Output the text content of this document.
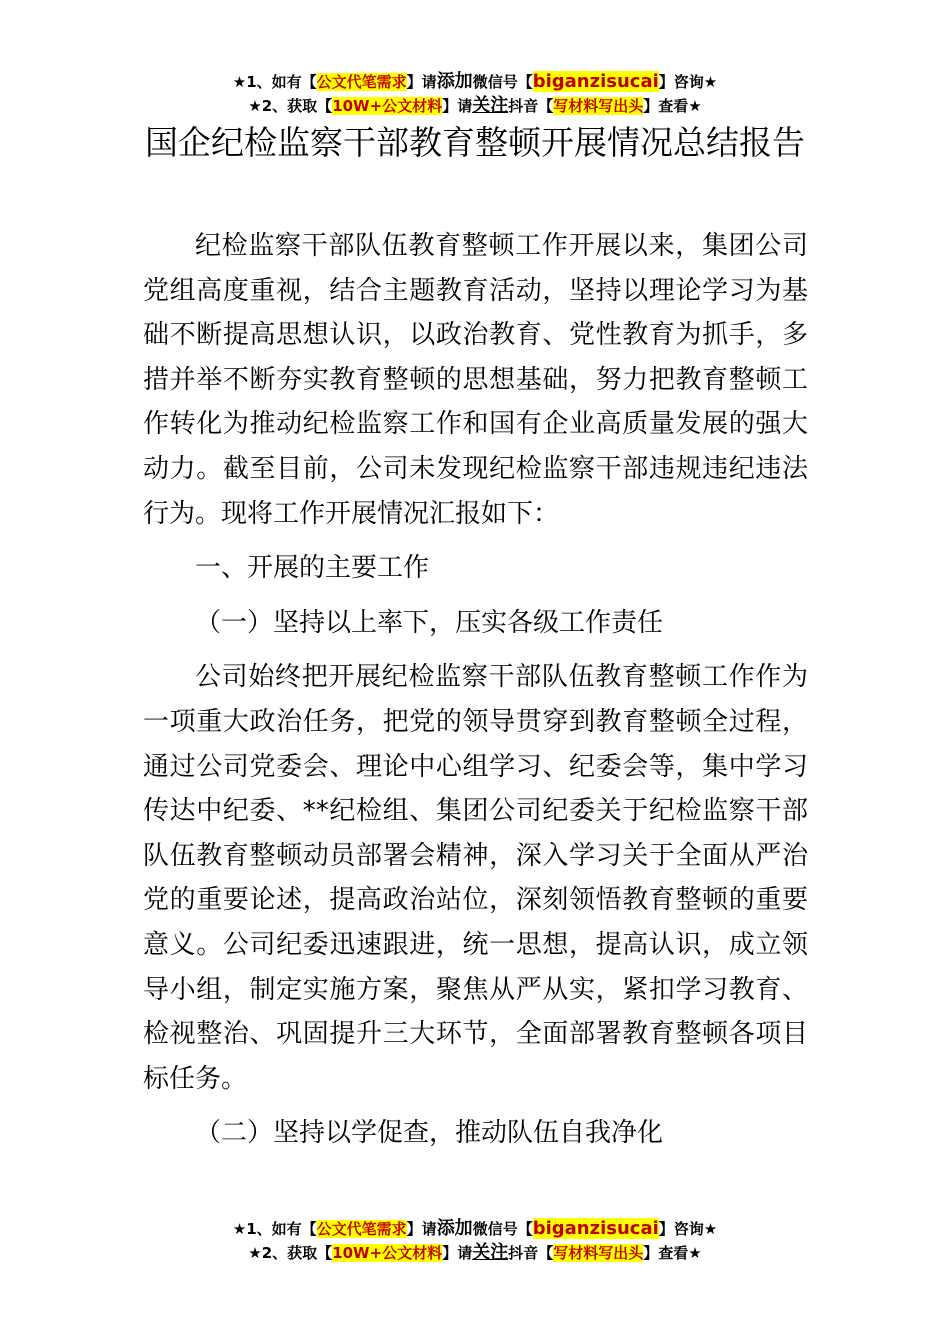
★1、如有【公文代笔需求】请添加微信号【biganzisucai】咨询★
★2、获取【10W+公文材料】请关注抖音【写材料写出头】查看★
国企纪检监察干部教育整顿开展情况总结报告

纪检监察干部队伍教育整顿工作开展以来，集团公司党组高度重视，结合主题教育活动，坚持以理论学习为基础不断提高思想认识，以政治教育、党性教育为抓手，多措并举不断夯实教育整顿的思想基础，努力把教育整顿工作转化为推动纪检监察工作和国有企业高质量发展的强大动力。截至目前，公司未发现纪检监察干部违规违纪违法行为。现将工作开展情况汇报如下：

一、开展的主要工作

（一）坚持以上率下，压实各级工作责任

公司始终把开展纪检监察干部队伍教育整顿工作作为一项重大政治任务，把党的领导贯穿到教育整顿全过程，通过公司党委会、理论中心组学习、纪委会等，集中学习传达中纪委、**纪检组、集团公司纪委关于纪检监察干部队伍教育整顿动员部署会精神，深入学习关于全面从严治党的重要论述，提高政治站位，深刻领悟教育整顿的重要意义。公司纪委迅速跟进，统一思想，提高认识，成立领导小组，制定实施方案，聚焦从严从实，紧扣学习教育、检视整治、巩固提升三大环节，全面部署教育整顿各项目标任务。

（二）坚持以学促查，推动队伍自我净化

★1、如有【公文代笔需求】请添加微信号【biganzisucai】咨询★
★2、获取【10W+公文材料】请关注抖音【写材料写出头】查看★
